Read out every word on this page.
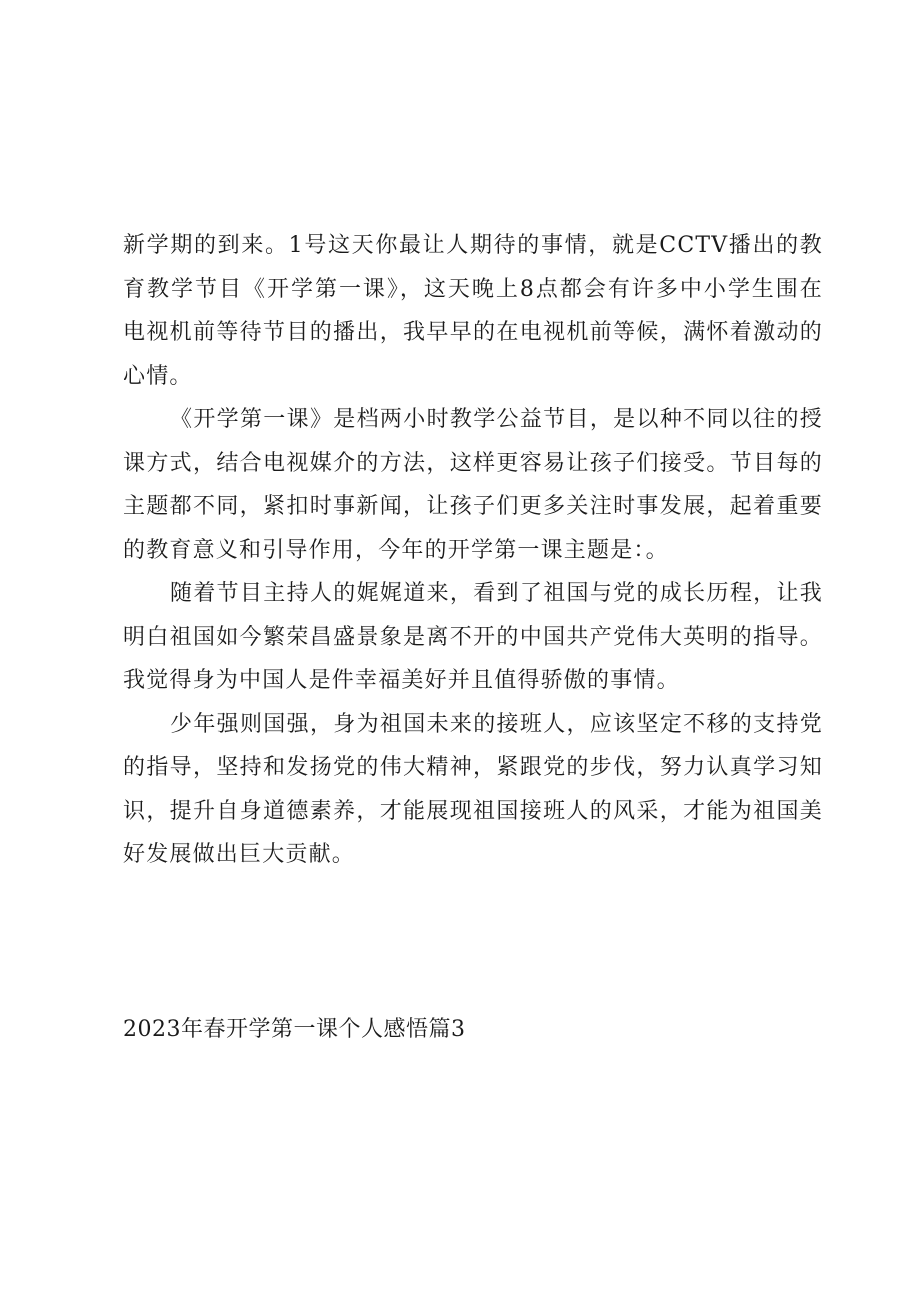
新学期的到来。1号这天你最让人期待的事情，就是CCTV播出的教育教学节目《开学第一课》，这天晚上8点都会有许多中小学生围在电视机前等待节目的播出，我早早的在电视机前等候，满怀着激动的心情。

《开学第一课》是档两小时教学公益节目，是以种不同以往的授课方式，结合电视媒介的方法，这样更容易让孩子们接受。节目每的主题都不同，紧扣时事新闻，让孩子们更多关注时事发展，起着重要的教育意义和引导作用，今年的开学第一课主题是：。

随着节目主持人的娓娓道来，看到了祖国与党的成长历程，让我明白祖国如今繁荣昌盛景象是离不开的中国共产党伟大英明的指导。我觉得身为中国人是件幸福美好并且值得骄傲的事情。

少年强则国强，身为祖国未来的接班人，应该坚定不移的支持党的指导，坚持和发扬党的伟大精神，紧跟党的步伐，努力认真学习知识，提升自身道德素养，才能展现祖国接班人的风采，才能为祖国美好发展做出巨大贡献。

2023年春开学第一课个人感悟篇3
